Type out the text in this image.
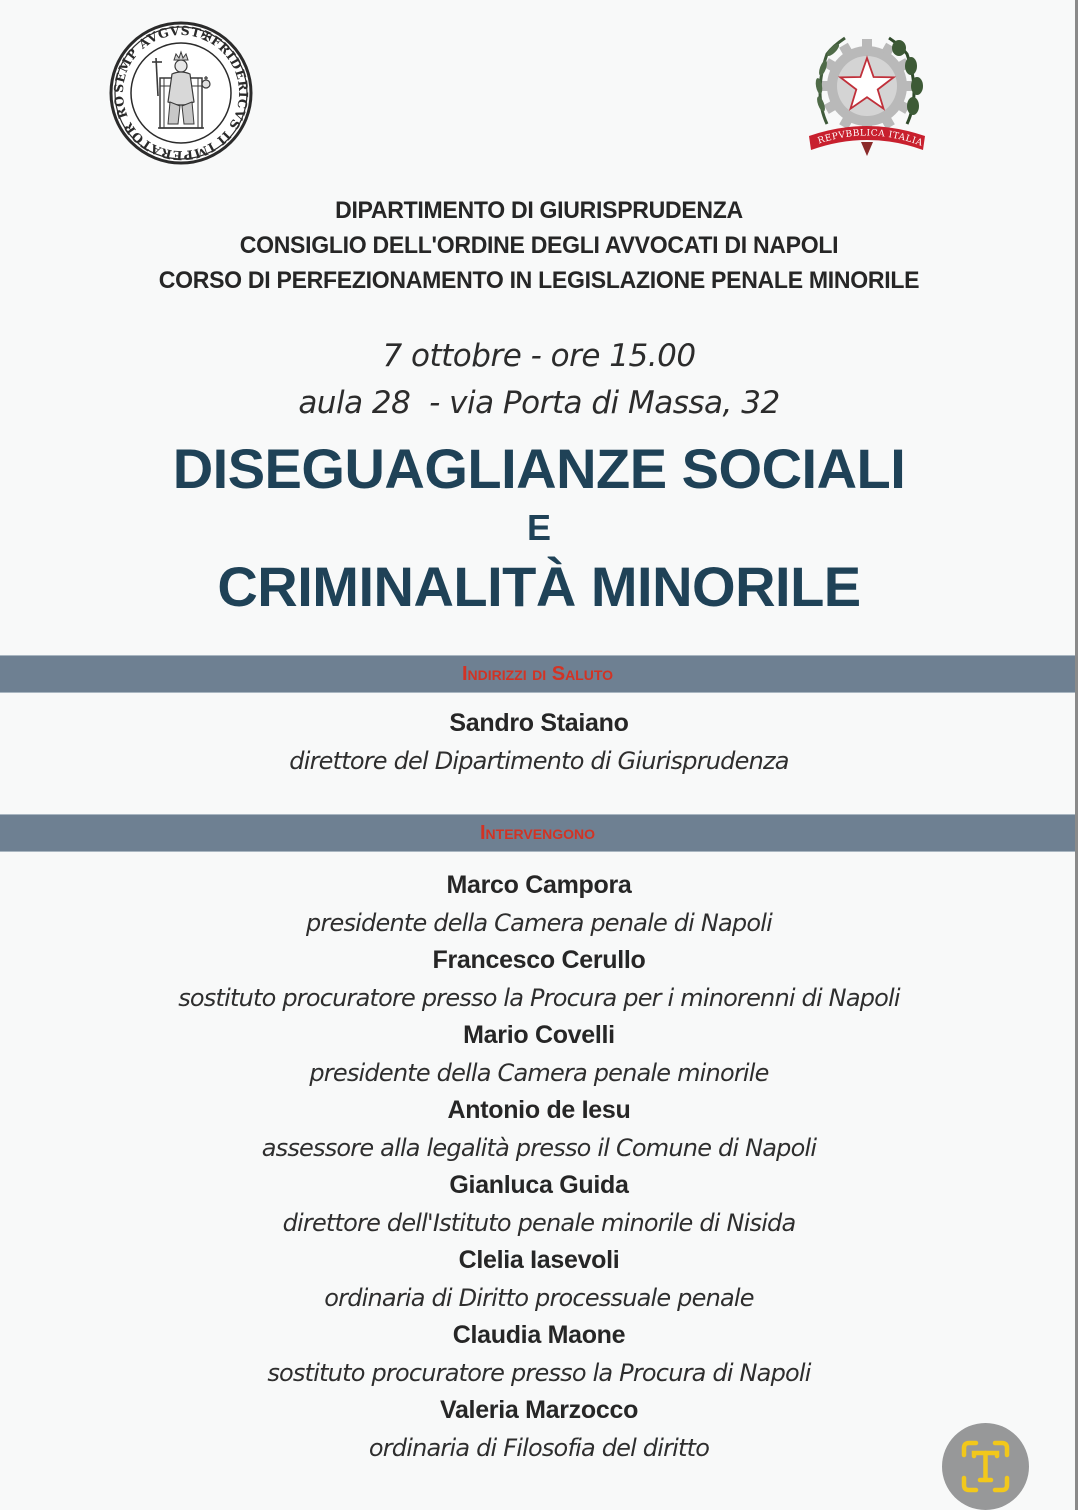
SEMP AVGVST✠FRIDERICVS II IMPERATOR RO
REPVBBLICA ITALIA
DIPARTIMENTO DI GIURISPRUDENZA
CONSIGLIO DELL'ORDINE DEGLI AVVOCATI DI NAPOLI
CORSO DI PERFEZIONAMENTO IN LEGISLAZIONE PENALE MINORILE
7 ottobre - ore 15.00
aula 28  - via Porta di Massa, 32
DISEGUAGLIANZE SOCIALI
E
CRIMINALITÀ MINORILE
Indirizzi di Saluto
Sandro Staiano
direttore del Dipartimento di Giurisprudenza
Intervengono
Marco Campora
presidente della Camera penale di Napoli
Francesco Cerullo
sostituto procuratore presso la Procura per i minorenni di Napoli
Mario Covelli
presidente della Camera penale minorile
Antonio de Iesu
assessore alla legalità presso il Comune di Napoli
Gianluca Guida
direttore dell'Istituto penale minorile di Nisida
Clelia Iasevoli
ordinaria di Diritto processuale penale
Claudia Maone
sostituto procuratore presso la Procura di Napoli
Valeria Marzocco
ordinaria di Filosofia del diritto
